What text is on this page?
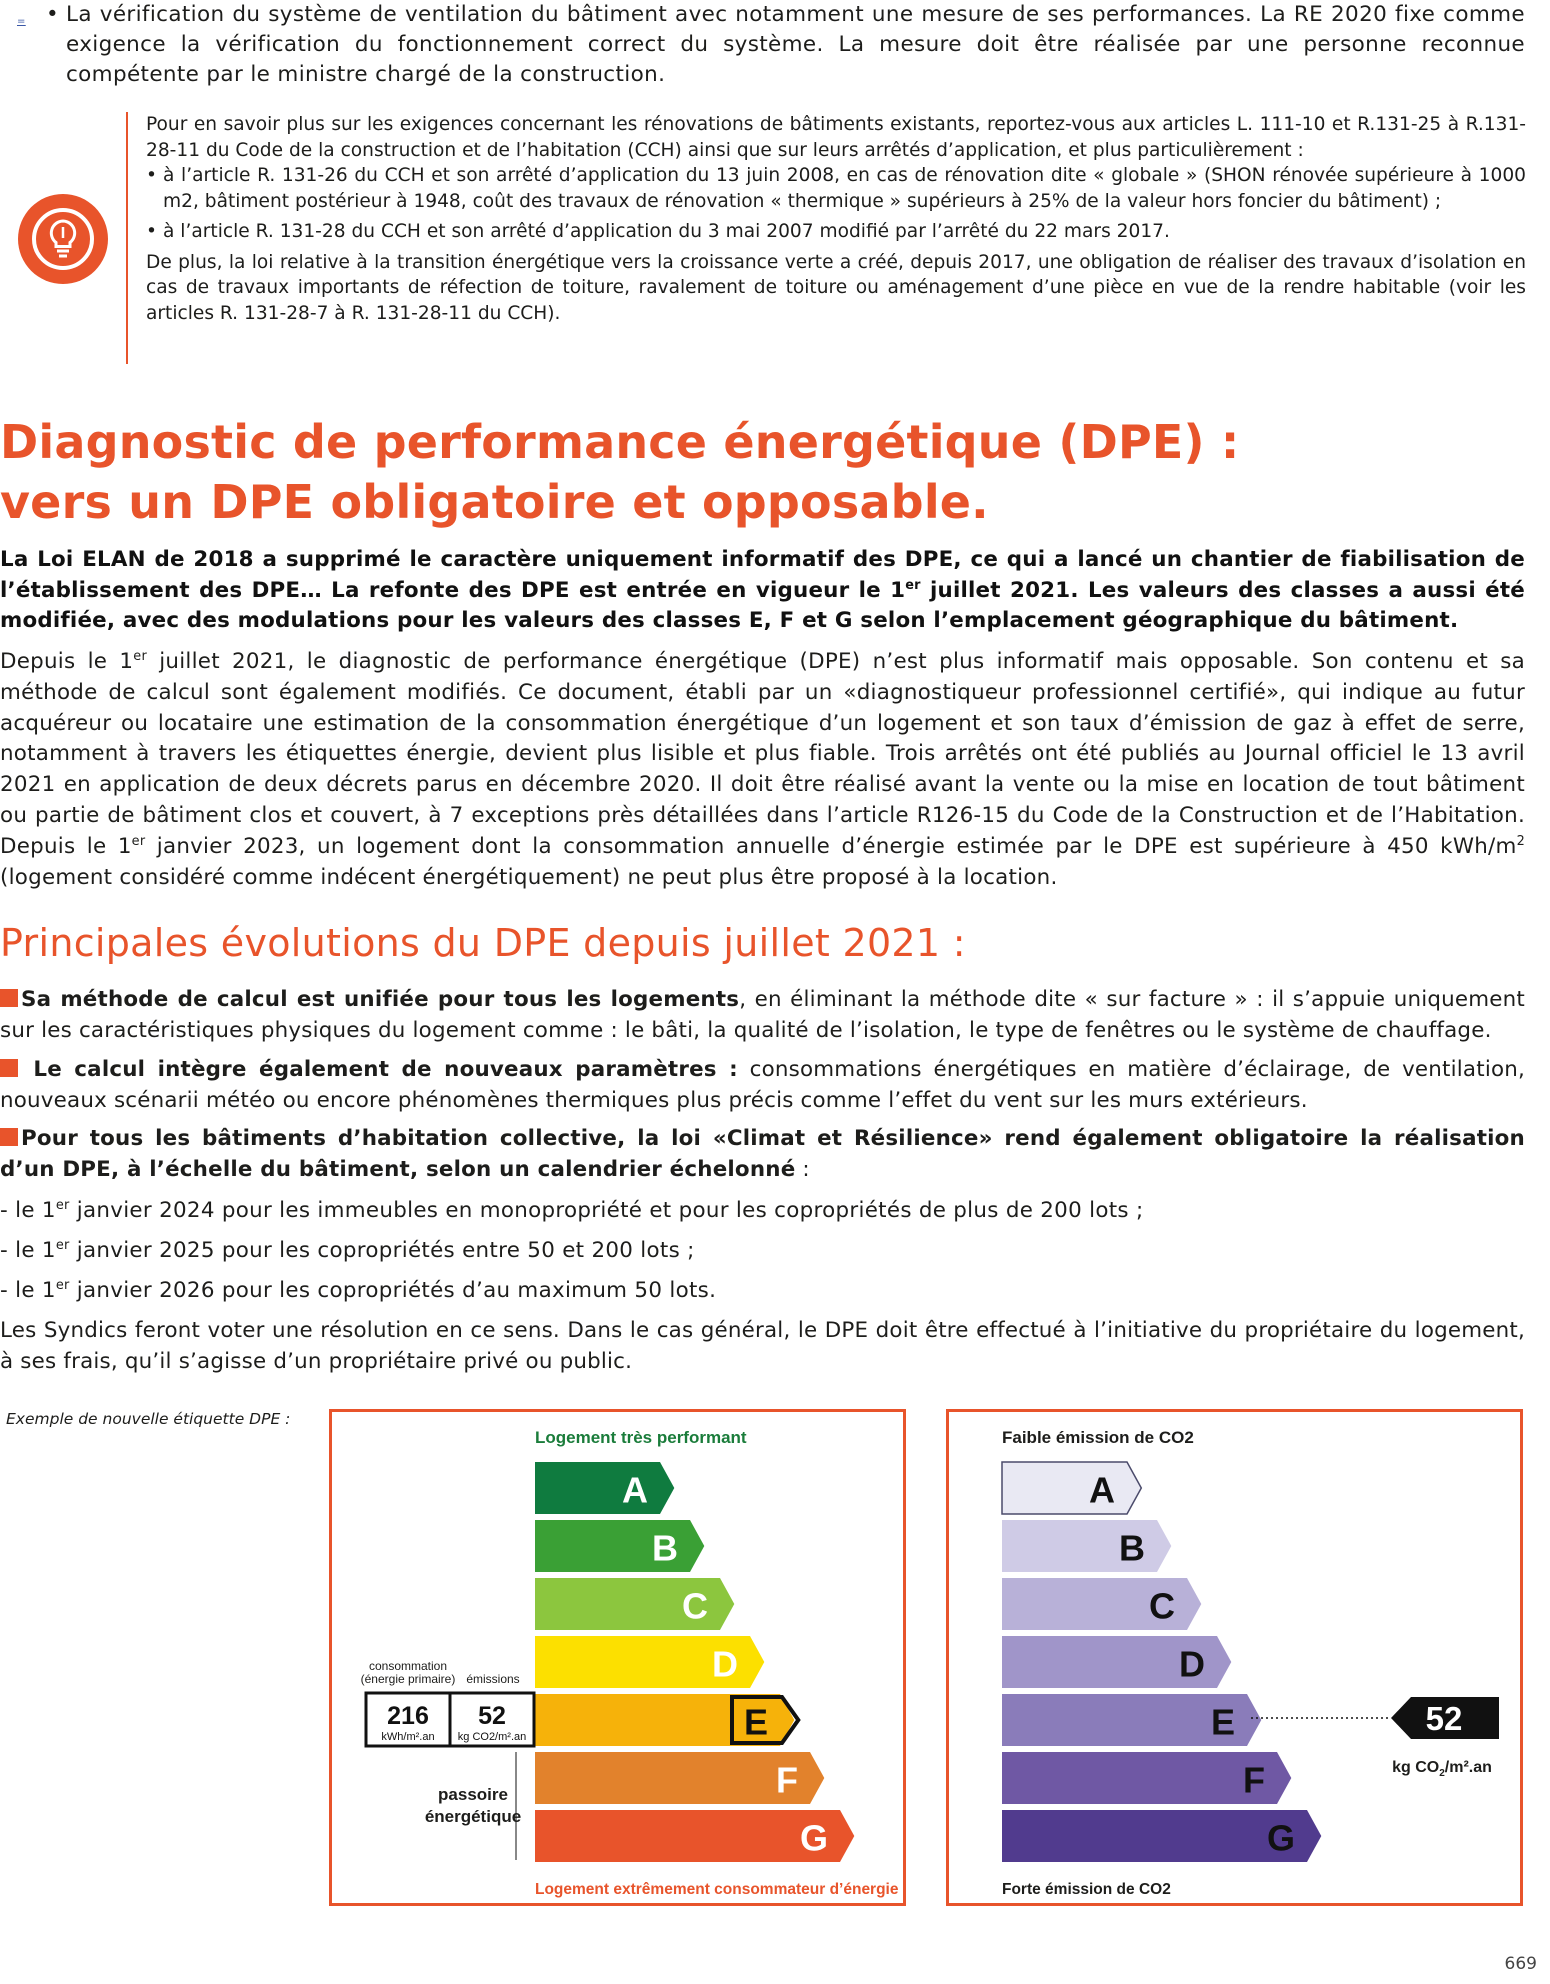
= • La vérification du système de ventilation du bâtiment avec notamment une mesure de ses performances. La RE 2020 fixe comme exigence la vérification du fonctionnement correct du système. La mesure doit être réalisée par une personne reconnue compétente par le ministre chargé de la construction.

Pour en savoir plus sur les exigences concernant les rénovations de bâtiments existants, reportez-vous aux articles L. 111-10 et R.131-25 à R.131-28-11 du Code de la construction et de l’habitation (CCH) ainsi que sur leurs arrêtés d’application, et plus particulièrement :

• à l’article R. 131-26 du CCH et son arrêté d’application du 13 juin 2008, en cas de rénovation dite « globale » (SHON rénovée supérieure à 1000 m2, bâtiment postérieur à 1948, coût des travaux de rénovation « thermique » supérieurs à 25% de la valeur hors foncier du bâtiment) ;
• à l’article R. 131-28 du CCH et son arrêté d’application du 3 mai 2007 modifié par l’arrêté du 22 mars 2017.

De plus, la loi relative à la transition énergétique vers la croissance verte a créé, depuis 2017, une obligation de réaliser des travaux d’isolation en cas de travaux importants de réfection de toiture, ravalement de toiture ou aménagement d’une pièce en vue de la rendre habitable (voir les articles R. 131-28-7 à R. 131-28-11 du CCH).

Diagnostic de performance énergétique (DPE) :
vers un DPE obligatoire et opposable.
La Loi ELAN de 2018 a supprimé le caractère uniquement informatif des DPE, ce qui a lancé un chantier de fiabilisation de l’établissement des DPE… La refonte des DPE est entrée en vigueur le 1er juillet 2021. Les valeurs des classes a aussi été modifiée, avec des modulations pour les valeurs des classes E, F et G selon l’emplacement géographique du bâtiment.
Depuis le 1er juillet 2021, le diagnostic de performance énergétique (DPE) n’est plus informatif mais opposable. Son contenu et sa méthode de calcul sont également modifiés. Ce document, établi par un «diagnostiqueur professionnel certifié», qui indique au futur acquéreur ou locataire une estimation de la consommation énergétique d’un logement et son taux d’émission de gaz à effet de serre, notamment à travers les étiquettes énergie, devient plus lisible et plus fiable. Trois arrêtés ont été publiés au Journal officiel le 13 avril 2021 en application de deux décrets parus en décembre 2020. Il doit être réalisé avant la vente ou la mise en location de tout bâtiment ou partie de bâtiment clos et couvert, à 7 exceptions près détaillées dans l’article R126-15 du Code de la Construction et de l’Habitation. Depuis le 1er janvier 2023, un logement dont la consommation annuelle d’énergie estimée par le DPE est supérieure à 450 kWh/$m^2$ (logement considéré comme indécent énergétiquement) ne peut plus être proposé à la location.
Principales évolutions du DPE depuis juillet 2021 :
Sa méthode de calcul est unifiée pour tous les logements, en éliminant la méthode dite « sur facture » : il s’appuie uniquement sur les caractéristiques physiques du logement comme : le bâti, la qualité de l’isolation, le type de fenêtres ou le système de chauffage.
Le calcul intègre également de nouveaux paramètres : consommations énergétiques en matière d’éclairage, de ventilation, nouveaux scénarii météo ou encore phénomènes thermiques plus précis comme l’effet du vent sur les murs extérieurs.
Pour tous les bâtiments d’habitation collective, la loi «Climat et Résilience» rend également obligatoire la réalisation d’un DPE, à l’échelle du bâtiment, selon un calendrier échelonné :
- le 1er janvier 2024 pour les immeubles en monopropriété et pour les copropriétés de plus de 200 lots ;
- le 1er janvier 2025 pour les copropriétés entre 50 et 200 lots ;
- le 1er janvier 2026 pour les copropriétés d’au maximum 50 lots.
Les Syndics feront voter une résolution en ce sens. Dans le cas général, le DPE doit être effectué à l’initiative du propriétaire du logement, à ses frais, qu’il s’agisse d’un propriétaire privé ou public.
Exemple de nouvelle étiquette DPE :
Logement très performant
A
B
C
D
E
F
G
consommation
(énergie primaire) émissions
216
kWh/m².an
52
kg CO2/m².an
passoire
énergétique
Logement extrêmement consommateur d’énergie
Faible émission de CO2
A
B
C
D
E
F
G
52
kg $CO_2/m^2.an$
Forte émission de CO2
669
